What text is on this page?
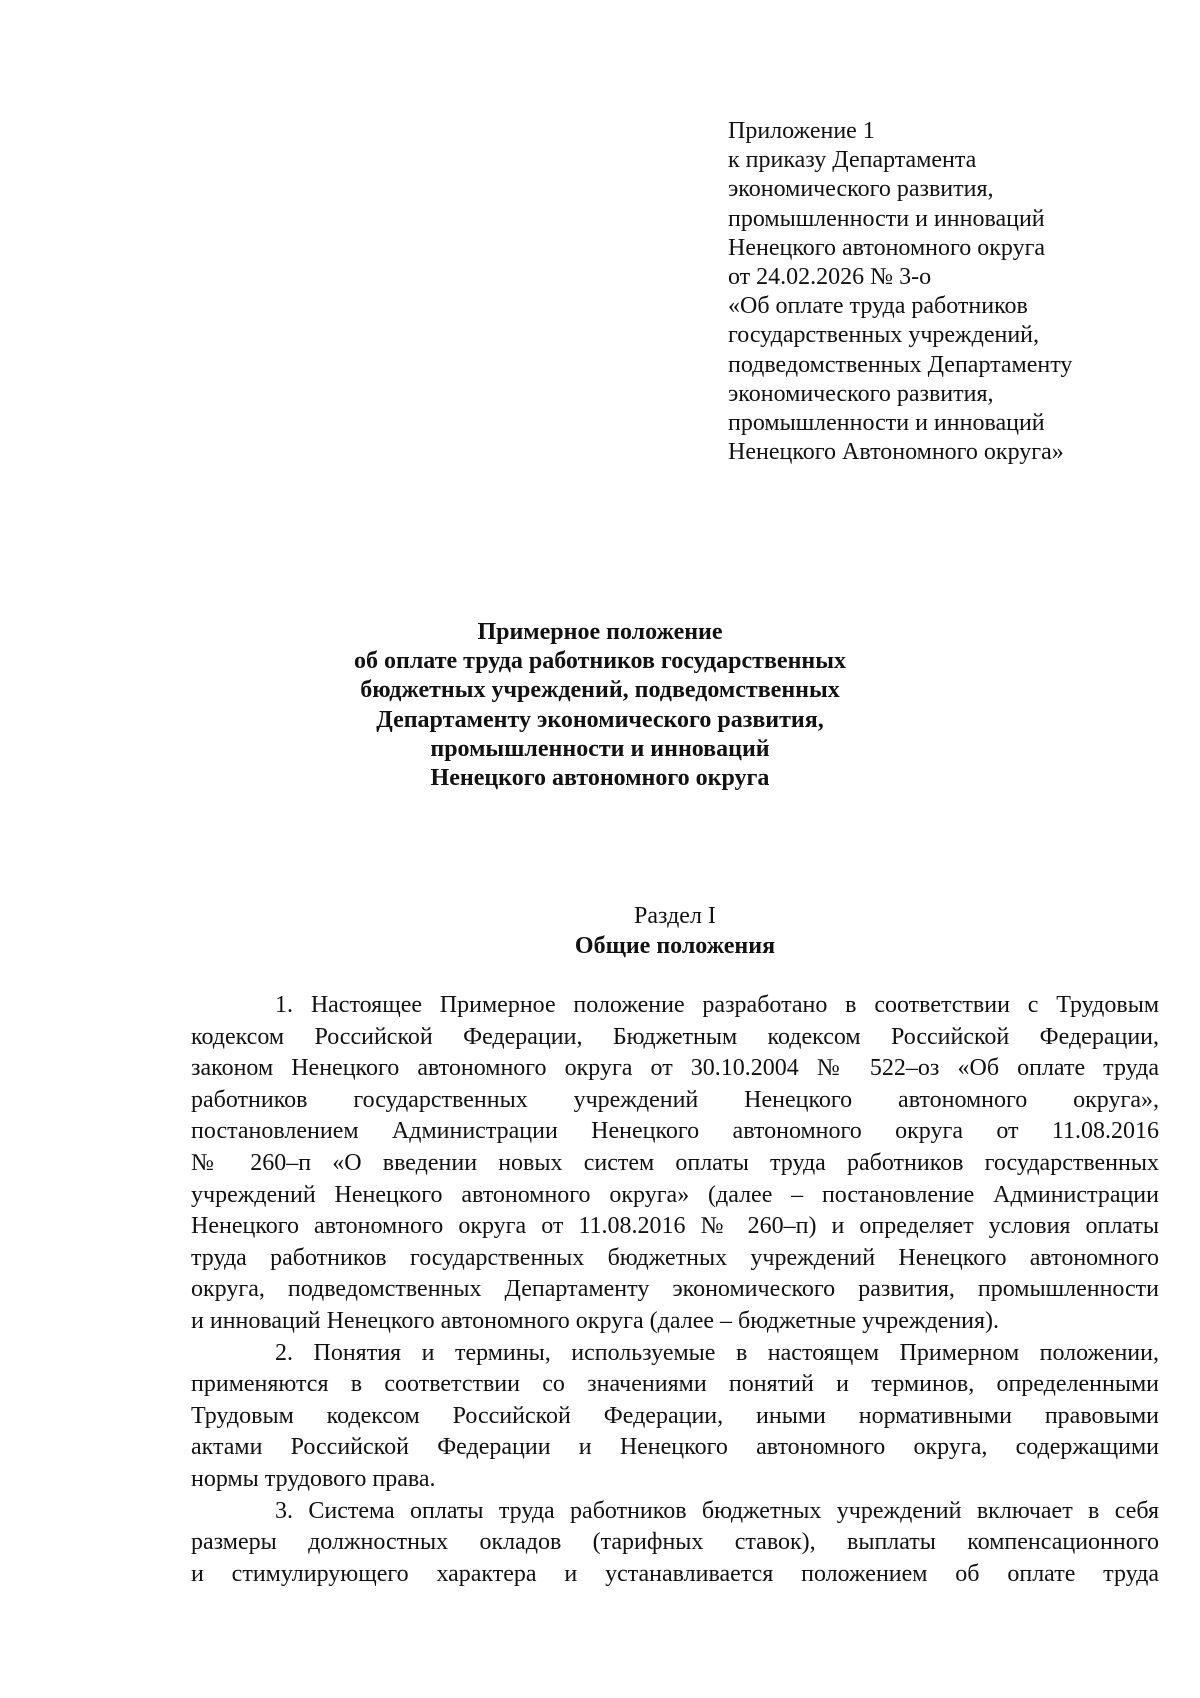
Приложение 1
к приказу Департамента
экономического развития,
промышленности и инноваций
Ненецкого автономного округа
от 24.02.2026 № 3-о
«Об оплате труда работников
государственных учреждений,
подведомственных Департаменту
экономического развития,
промышленности и инноваций
Ненецкого Автономного округа»
Примерное положение
об оплате труда работников государственных
бюджетных учреждений, подведомственных
Департаменту экономического развития,
промышленности и инноваций
Ненецкого автономного округа
Раздел I
Общие положения
1. Настоящее Примерное положение разработано в соответствии с Трудовым
кодексом Российской Федерации, Бюджетным кодексом Российской Федерации,
законом Ненецкого автономного округа от 30.10.2004 № 522–оз «Об оплате труда
работников государственных учреждений Ненецкого автономного округа»,
постановлением Администрации Ненецкого автономного округа от 11.08.2016
№ 260–п «О введении новых систем оплаты труда работников государственных
учреждений Ненецкого автономного округа» (далее – постановление Администрации
Ненецкого автономного округа от 11.08.2016 № 260–п) и определяет условия оплаты
труда работников государственных бюджетных учреждений Ненецкого автономного
округа, подведомственных Департаменту экономического развития, промышленности
и инноваций Ненецкого автономного округа (далее – бюджетные учреждения).
2. Понятия и термины, используемые в настоящем Примерном положении,
применяются в соответствии со значениями понятий и терминов, определенными
Трудовым кодексом Российской Федерации, иными нормативными правовыми
актами Российской Федерации и Ненецкого автономного округа, содержащими
нормы трудового права.
3. Система оплаты труда работников бюджетных учреждений включает в себя
размеры должностных окладов (тарифных ставок), выплаты компенсационного
и стимулирующего характера и устанавливается положением об оплате труда
